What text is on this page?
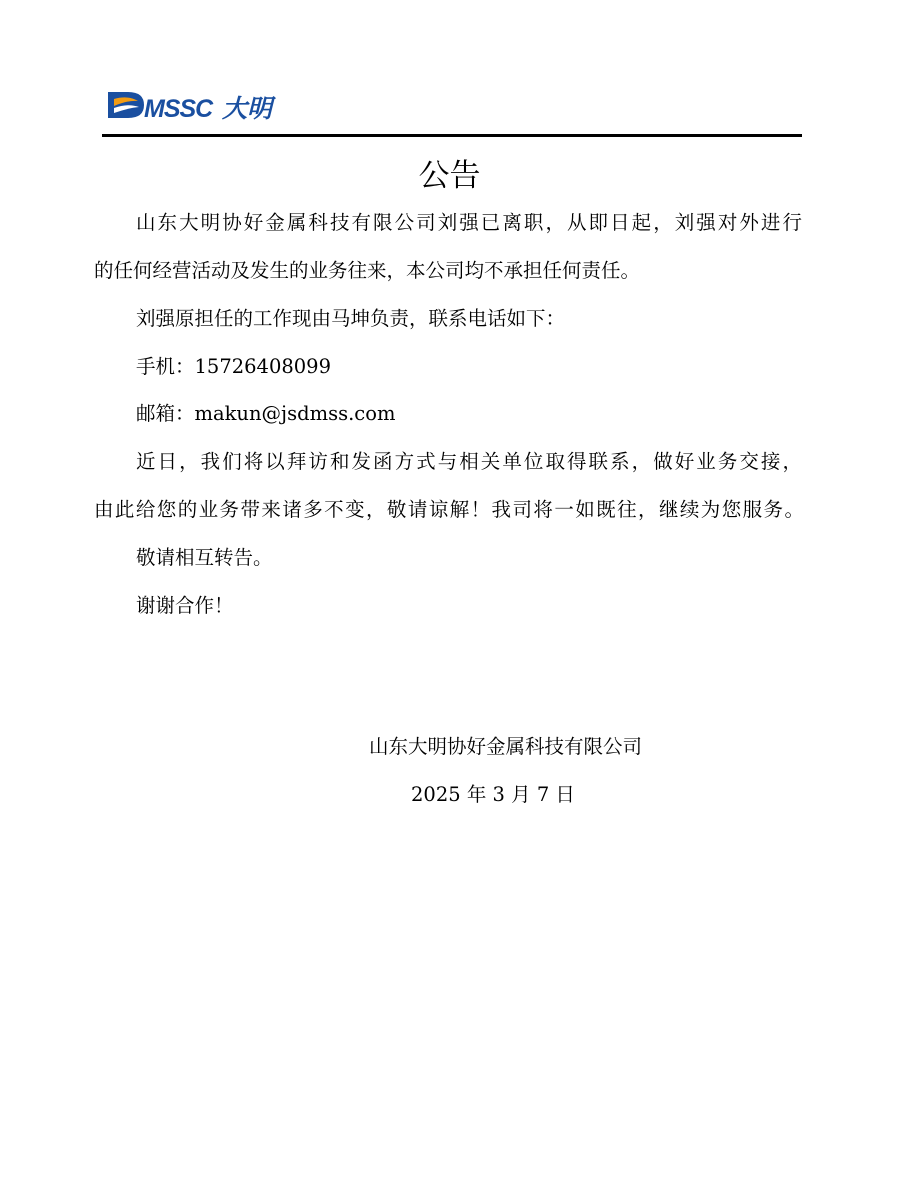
MSSC 大明
公告
山东大明协好金属科技有限公司刘强已离职，从即日起，刘强对外进行
的任何经营活动及发生的业务往来，本公司均不承担任何责任。
刘强原担任的工作现由马坤负责，联系电话如下：
手机：15726408099
邮箱：makun@jsdmss.com
近日，我们将以拜访和发函方式与相关单位取得联系，做好业务交接，
由此给您的业务带来诸多不变，敬请谅解！我司将一如既往，继续为您服务。
敬请相互转告。
谢谢合作！
山东大明协好金属科技有限公司
2025 年 3 月 7 日
